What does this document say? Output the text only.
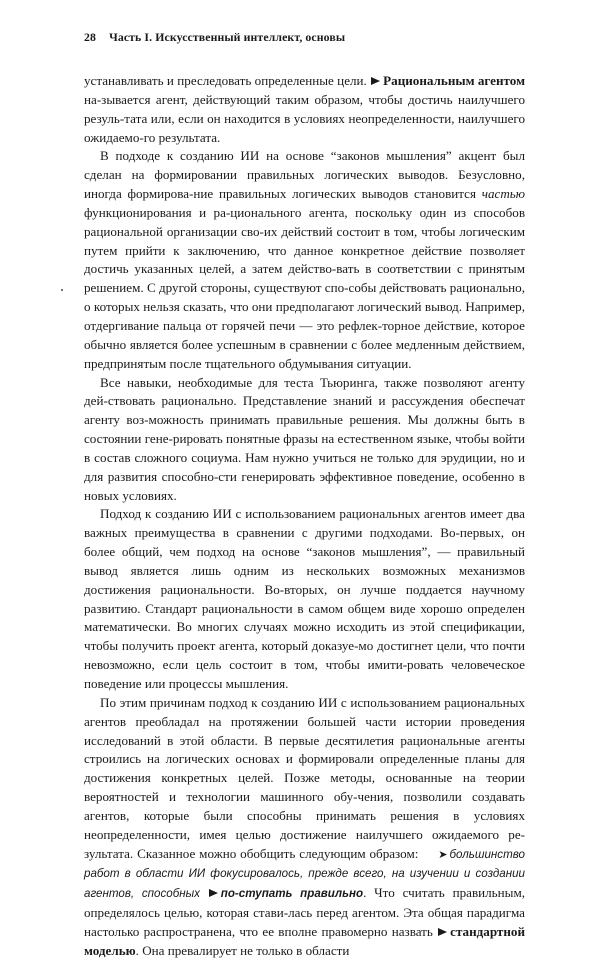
28 Часть I. Искусственный интеллект, основы

устанавливать и преследовать определенные цели. Рациональным агентом на-зывается агент, действующий таким образом, чтобы достичь наилучшего резуль-тата или, если он находится в условиях неопределенности, наилучшего ожидаемо-го результата.

В подходе к созданию ИИ на основе “законов мышления” акцент был сделан на формировании правильных логических выводов. Безусловно, иногда формирова-ние правильных логических выводов становится частью функционирования и ра-ционального агента, поскольку один из способов рациональной организации сво-их действий состоит в том, чтобы логическим путем прийти к заключению, что данное конкретное действие позволяет достичь указанных целей, а затем действо-вать в соответствии с принятым решением. С другой стороны, существуют спо-собы действовать рационально, о которых нельзя сказать, что они предполагают логический вывод. Например, отдергивание пальца от горячей печи — это рефлек-торное действие, которое обычно является более успешным в сравнении с более медленным действием, предпринятым после тщательного обдумывания ситуации.

Все навыки, необходимые для теста Тьюринга, также позволяют агенту дей-ствовать рационально. Представление знаний и рассуждения обеспечат агенту воз-можность принимать правильные решения. Мы должны быть в состоянии гене-рировать понятные фразы на естественном языке, чтобы войти в состав сложного социума. Нам нужно учиться не только для эрудиции, но и для развития способно-сти генерировать эффективное поведение, особенно в новых условиях.

Подход к созданию ИИ с использованием рациональных агентов имеет два важных преимущества в сравнении с другими подходами. Во-первых, он более общий, чем подход на основе “законов мышления”, — правильный вывод является лишь одним из нескольких возможных механизмов достижения рациональности. Во-вторых, он лучше поддается научному развитию. Стандарт рациональности в самом общем виде хорошо определен математически. Во многих случаях можно исходить из этой спецификации, чтобы получить проект агента, который доказуе-мо достигнет цели, что почти невозможно, если цель состоит в том, чтобы имити-ровать человеческое поведение или процессы мышления.

По этим причинам подход к созданию ИИ с использованием рациональных агентов преобладал на протяжении большей части истории проведения исследований в этой области. В первые десятилетия рациональные агенты строились на логических основах и формировали определенные планы для достижения конкретных целей. Позже методы, основанные на теории вероятностей и технологии машинного обу-чения, позволили создавать агентов, которые были способны принимать решения в условиях неопределенности, имея целью достижение наилучшего ожидаемого ре-зультата. Сказанное можно обобщить следующим образом: ➤ большинство работ в области ИИ фокусировалось, прежде всего, на изучении и создании агентов, способных по-ступать правильно. Что считать правильным, определялось целью, которая стави-лась перед агентом. Эта общая парадигма настолько распространена, что ее вполне правомерно назвать стандартной моделью. Она превалирует не только в области
